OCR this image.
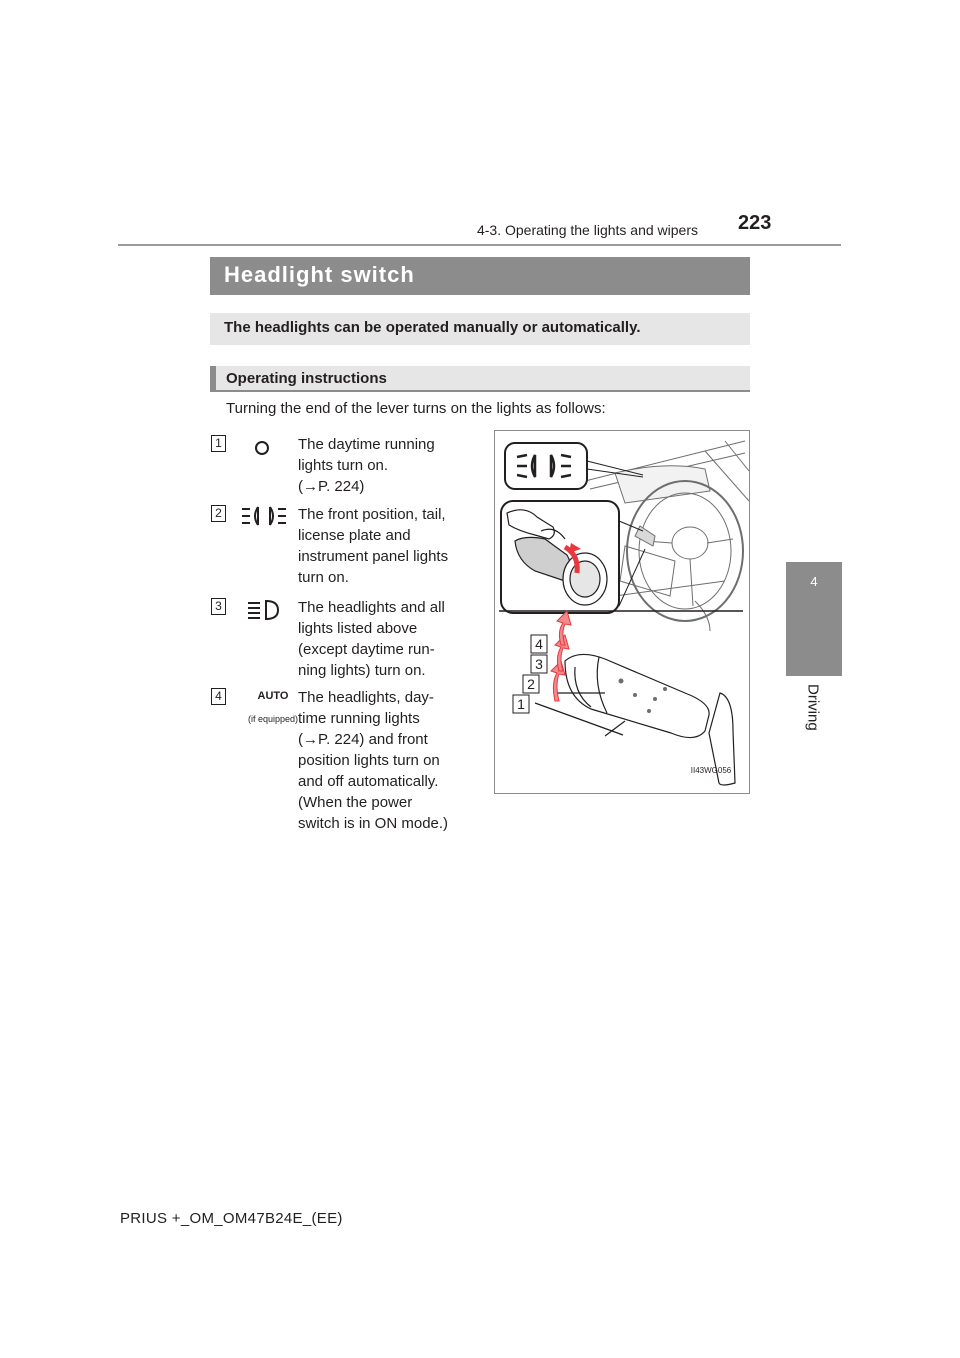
4-3. Operating the lights and wipers 223
4
Driving
Headlight switch
The headlights can be operated manually or automatically.
Operating instructions
Turning the end of the lever turns on the lights as follows:
1	The daytime running
lights turn on.
(→P. 224)
2	The front position, tail,
license plate and
instrument panel lights
turn on.
3	The headlights and all
lights listed above
(except daytime run-
ning lights) turn on.
4	AUTO
(if equipped)
The headlights, day-
time running lights
(→P. 224) and front
position lights turn on
and off automatically.
(When the power
switch is in ON mode.)
4
3
2
1
II43WG056
PRIUS +_OM_OM47B24E_(EE)
